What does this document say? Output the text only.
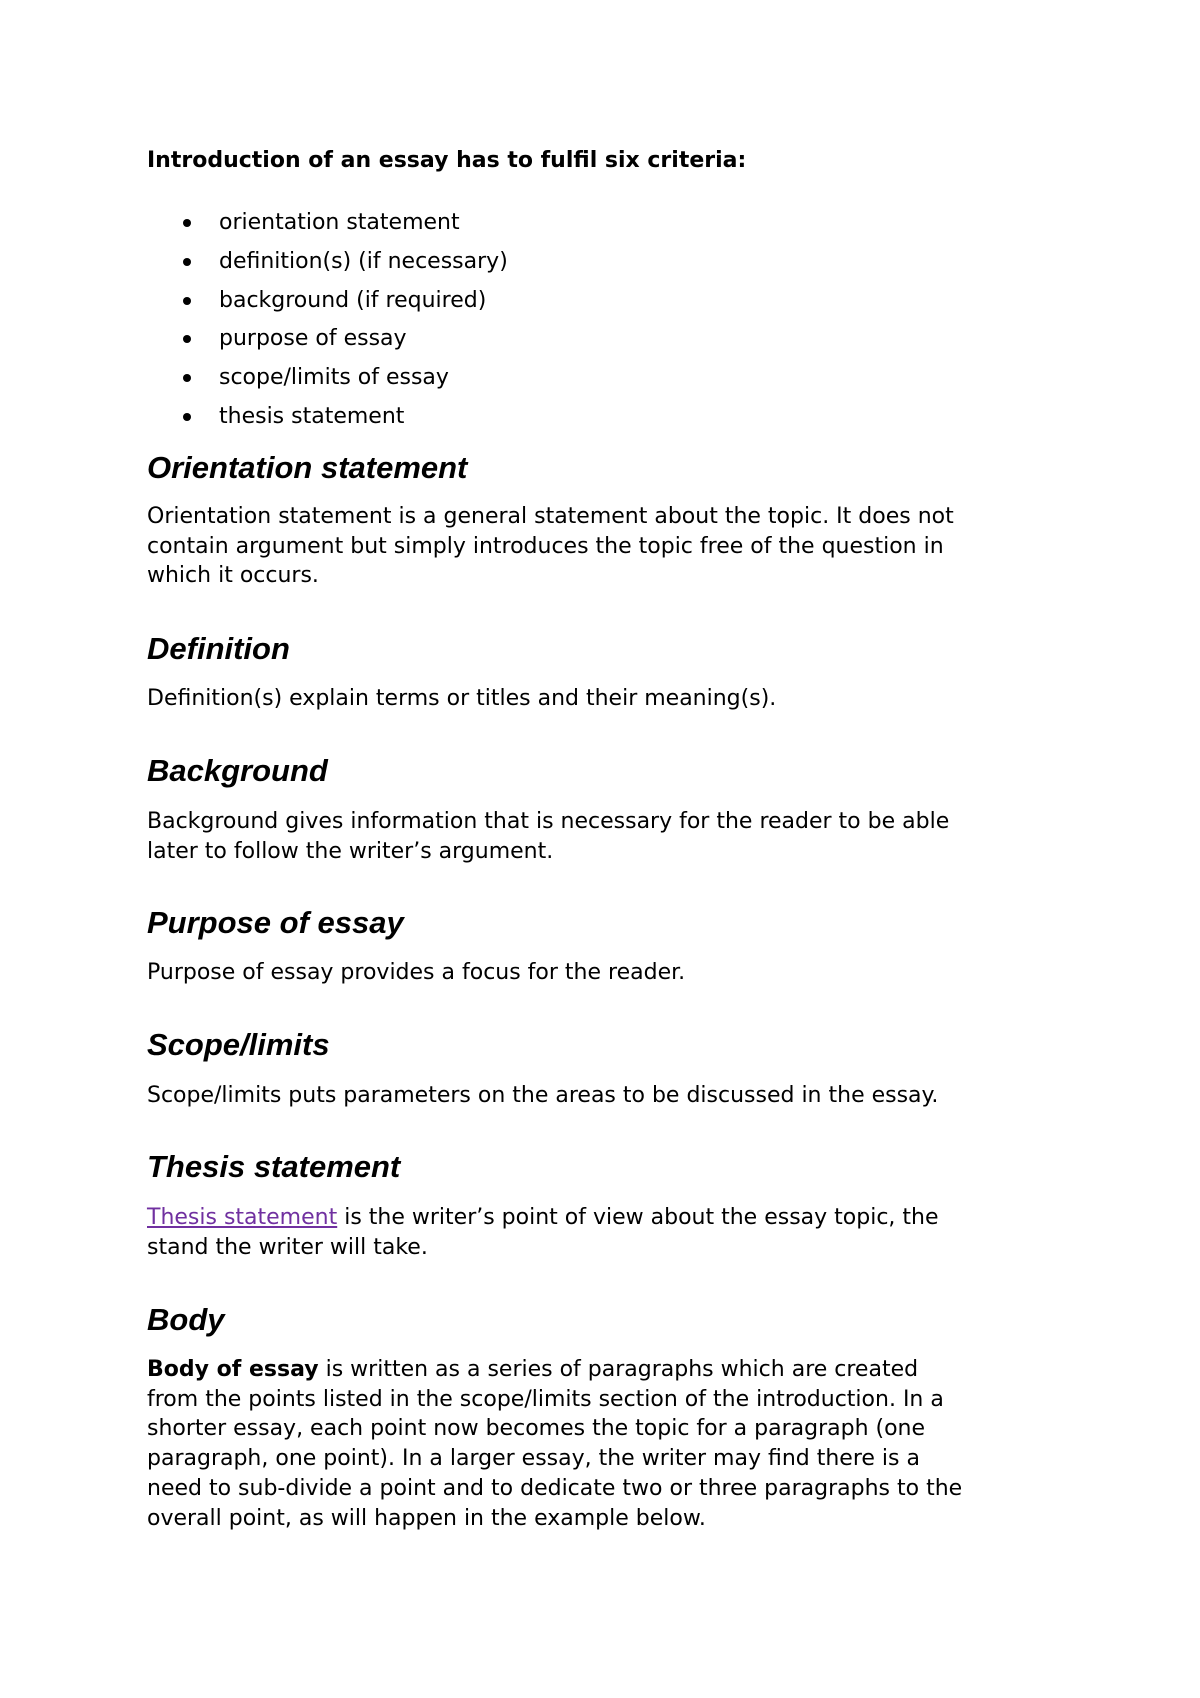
Introduction of an essay has to fulfil six criteria:

orientation statement
definition(s) (if necessary)
background (if required)
purpose of essay
scope/limits of essay
thesis statement
Orientation statement

Orientation statement is a general statement about the topic. It does not
contain argument but simply introduces the topic free of the question in
which it occurs.

Definition

Definition(s) explain terms or titles and their meaning(s).

Background

Background gives information that is necessary for the reader to be able
later to follow the writer’s argument.

Purpose of essay

Purpose of essay provides a focus for the reader.

Scope/limits

Scope/limits puts parameters on the areas to be discussed in the essay.

Thesis statement

Thesis statement is the writer’s point of view about the essay topic, the
stand the writer will take.

Body

Body of essay is written as a series of paragraphs which are created
from the points listed in the scope/limits section of the introduction. In a
shorter essay, each point now becomes the topic for a paragraph (one
paragraph, one point). In a larger essay, the writer may find there is a
need to sub-divide a point and to dedicate two or three paragraphs to the
overall point, as will happen in the example below.
